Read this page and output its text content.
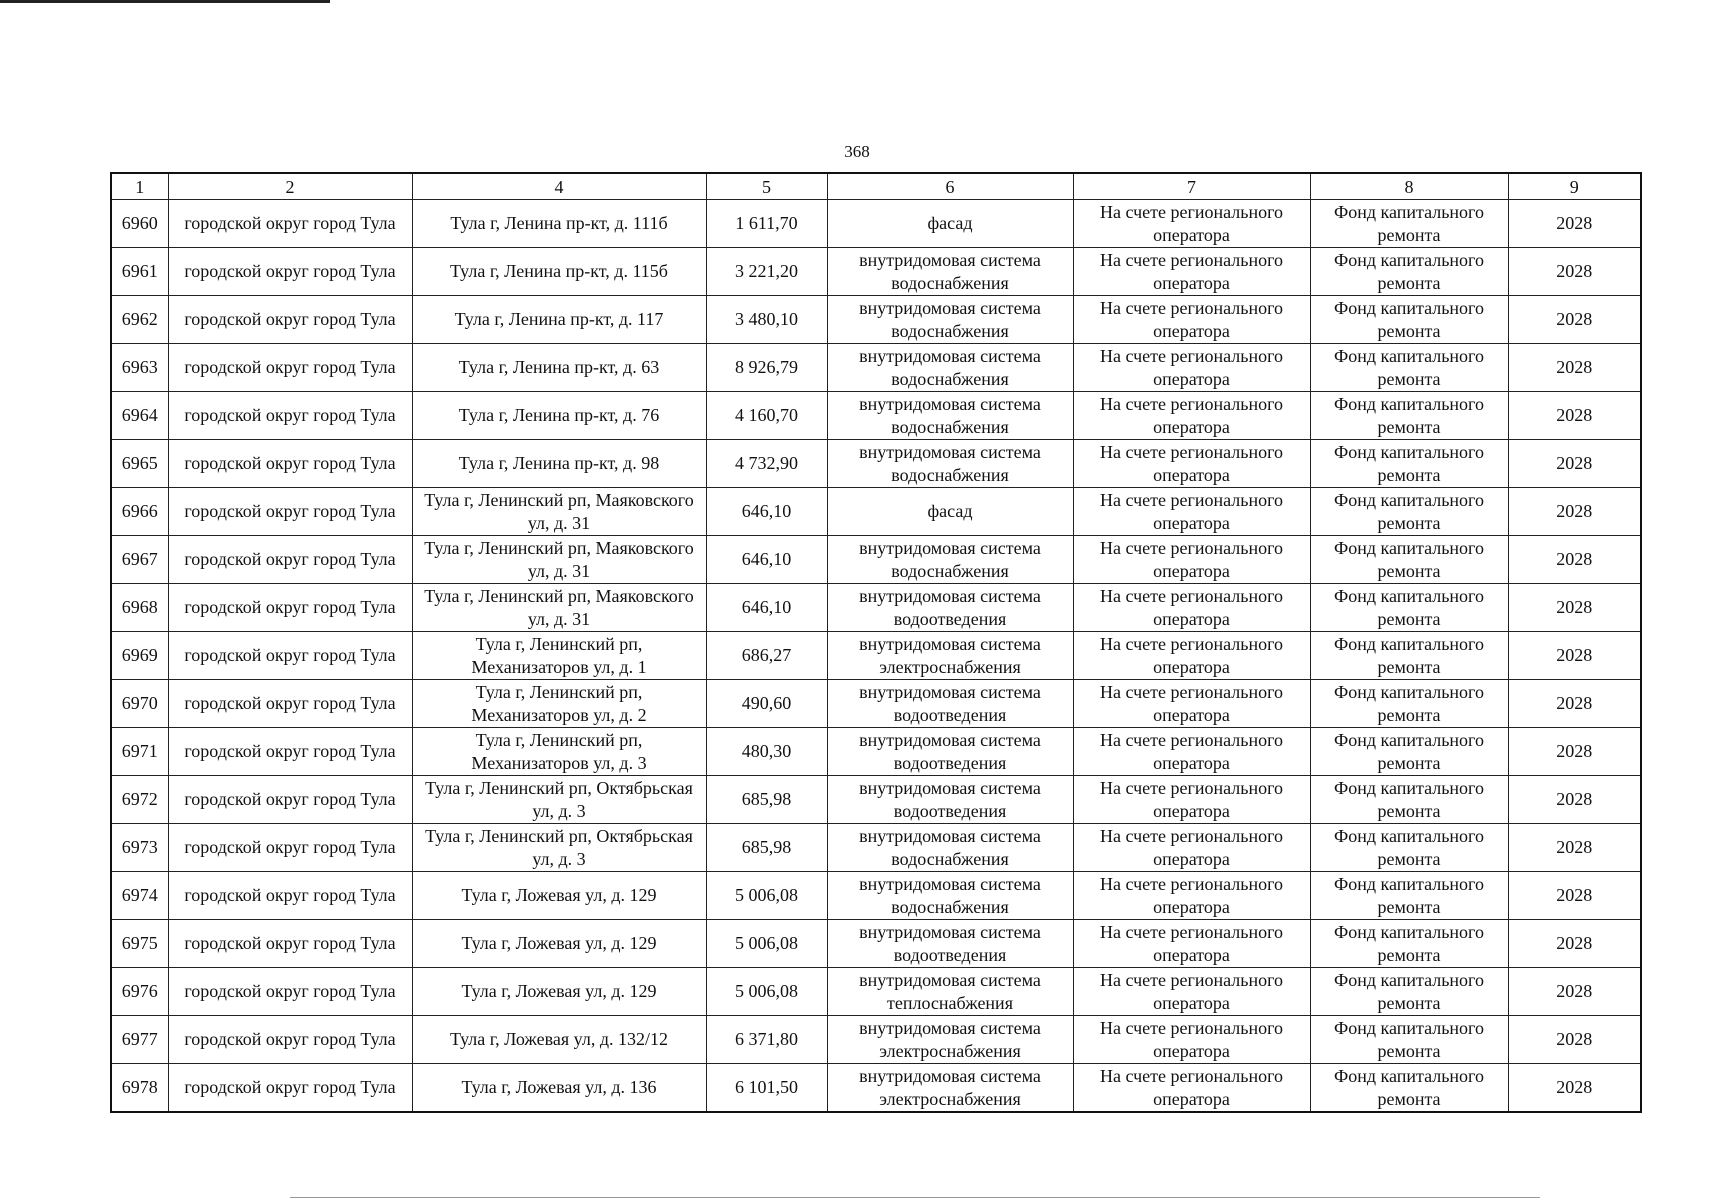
368
1	2	4	5	6	7	8	9
6960	городской округ город Тула	Тула г, Ленина пр-кт, д. 111б	1 611,70	фасад	На счете регионального оператора	Фонд капитального ремонта	2028
6961	городской округ город Тула	Тула г, Ленина пр-кт, д. 115б	3 221,20	внутридомовая система водоснабжения	На счете регионального оператора	Фонд капитального ремонта	2028
6962	городской округ город Тула	Тула г, Ленина пр-кт, д. 117	3 480,10	внутридомовая система водоснабжения	На счете регионального оператора	Фонд капитального ремонта	2028
6963	городской округ город Тула	Тула г, Ленина пр-кт, д. 63	8 926,79	внутридомовая система водоснабжения	На счете регионального оператора	Фонд капитального ремонта	2028
6964	городской округ город Тула	Тула г, Ленина пр-кт, д. 76	4 160,70	внутридомовая система водоснабжения	На счете регионального оператора	Фонд капитального ремонта	2028
6965	городской округ город Тула	Тула г, Ленина пр-кт, д. 98	4 732,90	внутридомовая система водоснабжения	На счете регионального оператора	Фонд капитального ремонта	2028
6966	городской округ город Тула	Тула г, Ленинский рп, Маяковского ул, д. 31	646,10	фасад	На счете регионального оператора	Фонд капитального ремонта	2028
6967	городской округ город Тула	Тула г, Ленинский рп, Маяковского ул, д. 31	646,10	внутридомовая система водоснабжения	На счете регионального оператора	Фонд капитального ремонта	2028
6968	городской округ город Тула	Тула г, Ленинский рп, Маяковского ул, д. 31	646,10	внутридомовая система водоотведения	На счете регионального оператора	Фонд капитального ремонта	2028
6969	городской округ город Тула	Тула г, Ленинский рп, Механизаторов ул, д. 1	686,27	внутридомовая система электроснабжения	На счете регионального оператора	Фонд капитального ремонта	2028
6970	городской округ город Тула	Тула г, Ленинский рп, Механизаторов ул, д. 2	490,60	внутридомовая система водоотведения	На счете регионального оператора	Фонд капитального ремонта	2028
6971	городской округ город Тула	Тула г, Ленинский рп, Механизаторов ул, д. 3	480,30	внутридомовая система водоотведения	На счете регионального оператора	Фонд капитального ремонта	2028
6972	городской округ город Тула	Тула г, Ленинский рп, Октябрьская ул, д. 3	685,98	внутридомовая система водоотведения	На счете регионального оператора	Фонд капитального ремонта	2028
6973	городской округ город Тула	Тула г, Ленинский рп, Октябрьская ул, д. 3	685,98	внутридомовая система водоснабжения	На счете регионального оператора	Фонд капитального ремонта	2028
6974	городской округ город Тула	Тула г, Ложевая ул, д. 129	5 006,08	внутридомовая система водоснабжения	На счете регионального оператора	Фонд капитального ремонта	2028
6975	городской округ город Тула	Тула г, Ложевая ул, д. 129	5 006,08	внутридомовая система водоотведения	На счете регионального оператора	Фонд капитального ремонта	2028
6976	городской округ город Тула	Тула г, Ложевая ул, д. 129	5 006,08	внутридомовая система теплоснабжения	На счете регионального оператора	Фонд капитального ремонта	2028
6977	городской округ город Тула	Тула г, Ложевая ул, д. 132/12	6 371,80	внутридомовая система электроснабжения	На счете регионального оператора	Фонд капитального ремонта	2028
6978	городской округ город Тула	Тула г, Ложевая ул, д. 136	6 101,50	внутридомовая система электроснабжения	На счете регионального оператора	Фонд капитального ремонта	2028
